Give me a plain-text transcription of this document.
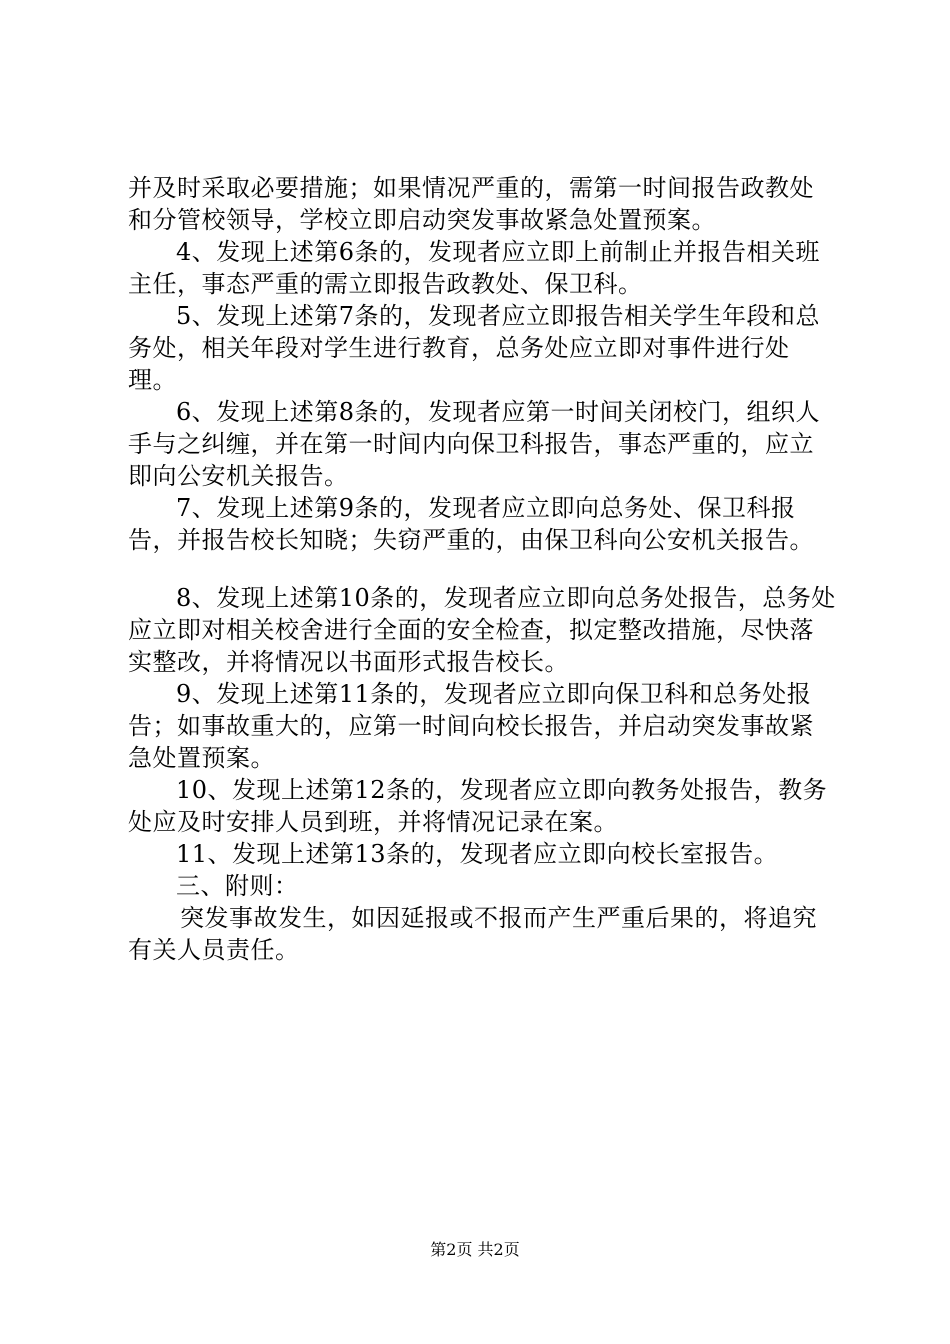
并及时采取必要措施；如果情况严重的，需第一时间报告政教处和分管校领导，学校立即启动突发事故紧急处置预案。

4、发现上述第6条的，发现者应立即上前制止并报告相关班主任，事态严重的需立即报告政教处、保卫科。

5、发现上述第7条的，发现者应立即报告相关学生年段和总务处，相关年段对学生进行教育，总务处应立即对事件进行处理。

6、发现上述第8条的，发现者应第一时间关闭校门，组织人手与之纠缠，并在第一时间内向保卫科报告，事态严重的，应立即向公安机关报告。

7、发现上述第9条的，发现者应立即向总务处、保卫科报告，并报告校长知晓；失窃严重的，由保卫科向公安机关报告。

8、发现上述第10条的，发现者应立即向总务处报告，总务处应立即对相关校舍进行全面的安全检查，拟定整改措施，尽快落实整改，并将情况以书面形式报告校长。

9、发现上述第11条的，发现者应立即向保卫科和总务处报告；如事故重大的，应第一时间向校长报告，并启动突发事故紧急处置预案。

10、发现上述第12条的，发现者应立即向教务处报告，教务处应及时安排人员到班，并将情况记录在案。

11、发现上述第13条的，发现者应立即向校长室报告。

三、附则：

突发事故发生，如因延报或不报而产生严重后果的，将追究有关人员责任。

第2页 共2页
